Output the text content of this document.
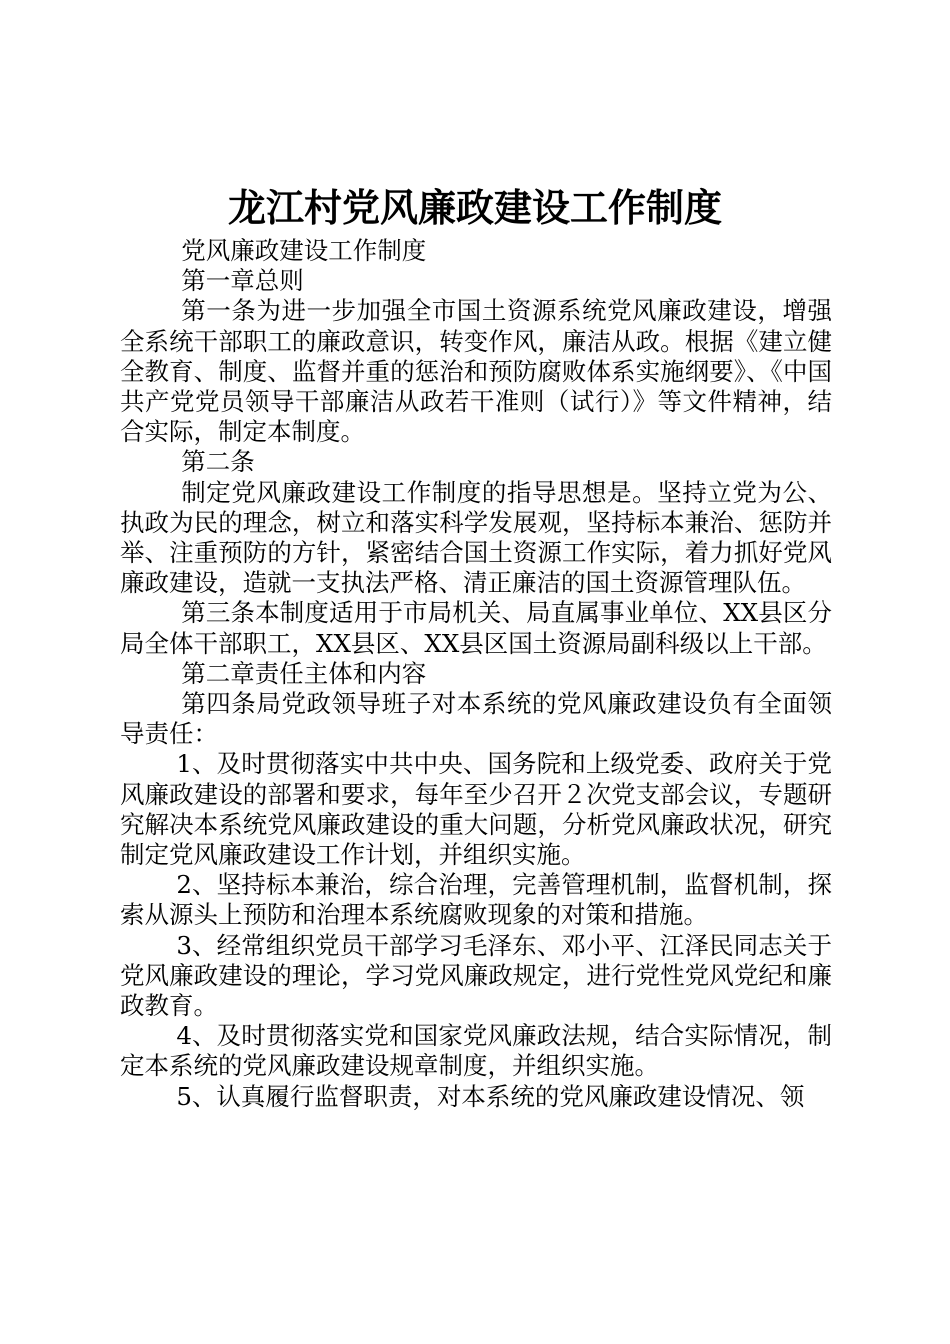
龙江村党风廉政建设工作制度

党风廉政建设工作制度

第一章总则

第一条为进一步加强全市国土资源系统党风廉政建设，增强全系统干部职工的廉政意识，转变作风，廉洁从政。根据《建立健全教育、制度、监督并重的惩治和预防腐败体系实施纲要》、《中国共产党党员领导干部廉洁从政若干准则（试行）》等文件精神，结合实际，制定本制度。

第二条

制定党风廉政建设工作制度的指导思想是。坚持立党为公、执政为民的理念，树立和落实科学发展观，坚持标本兼治、惩防并举、注重预防的方针，紧密结合国土资源工作实际，着力抓好党风廉政建设，造就一支执法严格、清正廉洁的国土资源管理队伍。

第三条本制度适用于市局机关、局直属事业单位、XX县区分局全体干部职工，XX县区、XX县区国土资源局副科级以上干部。

第二章责任主体和内容

第四条局党政领导班子对本系统的党风廉政建设负有全面领导责任：

1、及时贯彻落实中共中央、国务院和上级党委、政府关于党风廉政建设的部署和要求，每年至少召开２次党支部会议，专题研究解决本系统党风廉政建设的重大问题，分析党风廉政状况，研究制定党风廉政建设工作计划，并组织实施。

2、坚持标本兼治，综合治理，完善管理机制，监督机制，探索从源头上预防和治理本系统腐败现象的对策和措施。

3、经常组织党员干部学习毛泽东、邓小平、江泽民同志关于党风廉政建设的理论，学习党风廉政规定，进行党性党风党纪和廉政教育。

4、及时贯彻落实党和国家党风廉政法规，结合实际情况，制定本系统的党风廉政建设规章制度，并组织实施。

5、认真履行监督职责，对本系统的党风廉政建设情况、领
